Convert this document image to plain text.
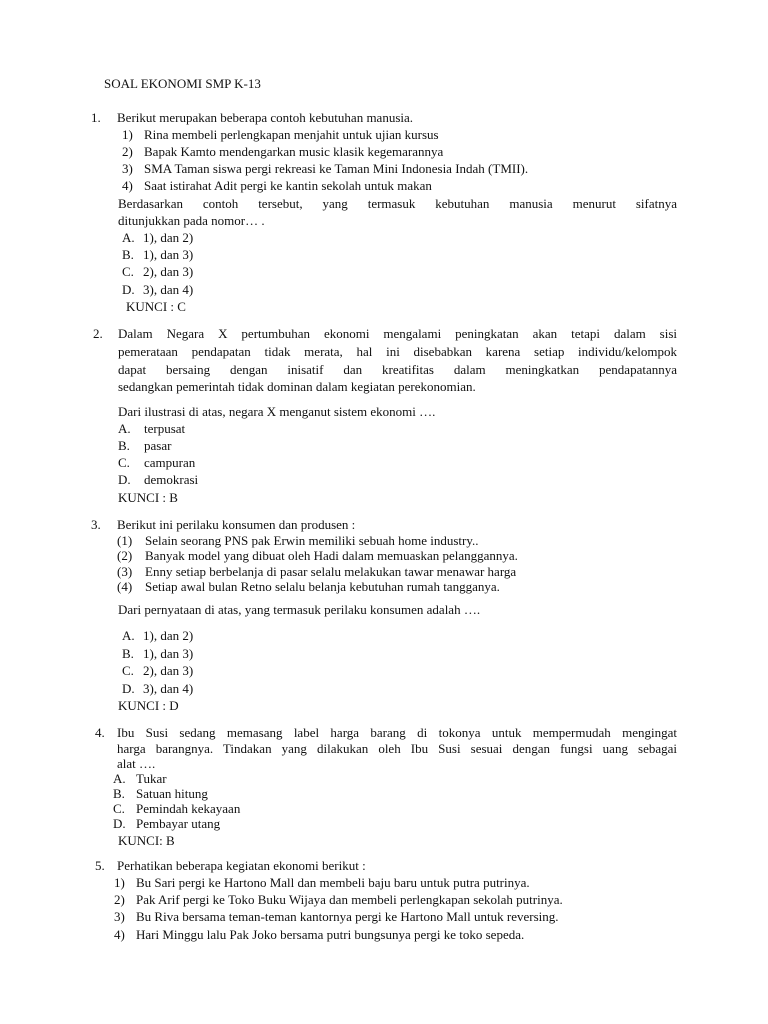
SOAL EKONOMI SMP K-13
1. Berikut merupakan beberapa contoh kebutuhan manusia.
1) Rina membeli perlengkapan menjahit untuk ujian kursus
2) Bapak Kamto mendengarkan music klasik kegemarannya
3) SMA Taman siswa pergi rekreasi ke Taman Mini Indonesia Indah (TMII).
4) Saat istirahat Adit pergi ke kantin sekolah untuk makan
Berdasarkan contoh tersebut, yang termasuk kebutuhan manusia menurut sifatnya
ditunjukkan pada nomor… .
A. 1), dan 2)
B. 1), dan 3)
C. 2), dan 3)
D. 3), dan 4)
KUNCI : C
2. Dalam Negara X pertumbuhan ekonomi mengalami peningkatan akan tetapi dalam sisi
pemerataan pendapatan tidak merata, hal ini disebabkan karena setiap individu/kelompok
dapat bersaing dengan inisatif dan kreatifitas dalam meningkatkan pendapatannya
sedangkan pemerintah tidak dominan dalam kegiatan perekonomian.
Dari ilustrasi di atas, negara X menganut sistem ekonomi ….
A. terpusat
B. pasar
C. campuran
D. demokrasi
KUNCI : B
3. Berikut ini perilaku konsumen dan produsen :
(1) Selain seorang PNS pak Erwin memiliki sebuah home industry..
(2) Banyak model yang dibuat oleh Hadi dalam memuaskan pelanggannya.
(3) Enny setiap berbelanja di pasar selalu melakukan tawar menawar harga
(4) Setiap awal bulan Retno selalu belanja kebutuhan rumah tangganya.
Dari pernyataan di atas, yang termasuk perilaku konsumen adalah ….
A. 1), dan 2)
B. 1), dan 3)
C. 2), dan 3)
D. 3), dan 4)
KUNCI : D
4. Ibu Susi sedang memasang label harga barang di tokonya untuk mempermudah mengingat
harga barangnya. Tindakan yang dilakukan oleh Ibu Susi sesuai dengan fungsi uang sebagai
alat ….
A. Tukar
B. Satuan hitung
C. Pemindah kekayaan
D. Pembayar utang
KUNCI: B
5. Perhatikan beberapa kegiatan ekonomi berikut :
1) Bu Sari pergi ke Hartono Mall dan membeli baju baru untuk putra putrinya.
2) Pak Arif pergi ke Toko Buku Wijaya dan membeli perlengkapan sekolah putrinya.
3) Bu Riva bersama teman-teman kantornya pergi ke Hartono Mall untuk reversing.
4) Hari Minggu lalu Pak Joko bersama putri bungsunya pergi ke toko sepeda.
